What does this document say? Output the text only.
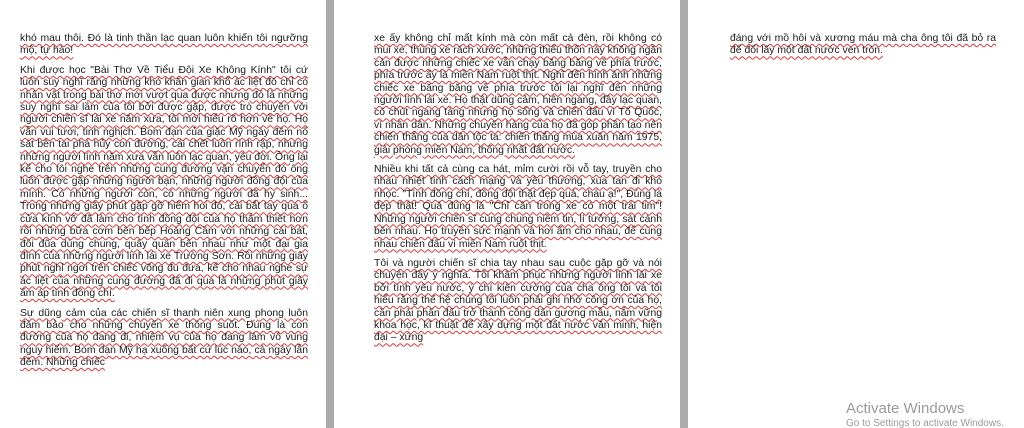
khó mau thôi. Đó là tinh thần lạc quan luôn khiến tôi ngưỡng mộ, tự hào!

Khi được học "Bài Thơ Về Tiểu Đội Xe Không Kính" tôi cứ luôn suy nghĩ rằng những khó khăn gian khổ ác liệt đó chỉ có nhân vật trong bài thơ mới vượt qua được nhưng đó là những suy nghĩ sai lầm của tôi bởi được gặp, được trò chuyện với người chiến sĩ lái xe năm xưa, tôi mới hiểu rõ hơn về họ. Họ vẫn vui tươi, tinh nghịch. Bom đạn của giặc Mỹ ngày đêm nổ sát bên tai phá hủy con đường, cái chết luôn rình rập, nhưng những người lính năm xưa vẫn luôn lạc quan, yêu đời. Ông lại kể cho tôi nghe trên những cung đường vận chuyển đó ông luôn được gặp những người bạn, những người đồng đội của mình. Có những người còn, có những người đã hy sinh... Trong những giây phút gặp gỡ hiếm hoi đó, cái bắt tay qua ô cửa kính vỡ đã làm cho tình đồng đội của họ thắm thiết hơn rồi những bữa cơm bên bếp Hoàng Cầm với những cái bát, đôi đũa dùng chung, quây quần bên nhau như một đại gia đình của những người lính lái xe Trường Sơn. Rồi những giây phút nghỉ ngơi trên chiếc võng đu đưa, kể cho nhau nghe sự ác liệt của những cung đường đã đi qua là những phút giây ấm áp tình đồng chí.

Sự dũng cảm của các chiến sĩ thanh niên xung phong luôn đảm bảo cho những chuyến xe thông suốt. Đúng là con đường của họ đang đi, nhiệm vụ của họ đang làm vô vùng nguy hiểm. Bom đạn Mỹ hạ xuống bất cứ lúc nào, cả ngày lẫn đêm. Những chiếc

xe ấy không chỉ mất kính mà còn mất cả đèn, rồi không có mui xe, thùng xe rách xước, những thiếu thốn này không ngăn cản được những chiếc xe vẫn chạy băng băng về phía trước, phía trước ấy là miền Nam ruột thịt. Nghĩ đến hình ảnh những chiếc xe băng băng về phía trước tôi lại nghĩ đến những người lính lái xe. Họ thật dũng cảm, hiên ngang, đầy lạc quan, có chút ngang tàng nhưng họ sống và chiến đấu vì Tổ Quốc, vì nhân dân. Những chuyến hàng của họ đã góp phần tạo nên chiến thắng của dân tộc ta: chiến thắng mùa xuân năm 1975, giải phóng miền Nam, thống nhất đất nước.

Nhiều khi tất cả cùng ca hát, mỉm cười rồi vỗ tay, truyền cho nhau nhiệt tình cách mạng và yêu thương, xua tan đi khó nhọc. "Tình đồng chí, đồng đội thật đẹp quá, cháu ạ!", Đúng là đẹp thật! Quả đúng là "Chỉ cần trong xe có một trái tim"! Những người chiến sĩ cùng chung niềm tin, lí tưởng, sát cánh bên nhau. Họ truyền sức mạnh và hơi ấm cho nhau, để cùng nhau chiến đấu vì miền Nam ruột thịt.

Tôi và người chiến sĩ chia tay nhau sau cuộc gặp gỡ và nói chuyện đầy ý nghĩa. Tôi khâm phục những người lính lái xe bởi tình yêu nước, ý chí kiên cường của cha ông tôi và tôi hiểu rằng thế hệ chúng tôi luôn phải ghi nhớ công ơn của họ, cần phải phấn đấu trở thành công dân gương mẫu, nắm vững khoa học, kĩ thuật để xây dựng một đất nước văn minh, hiện đại – xứng

đáng với mồ hôi và xương máu mà cha ông tôi đã bỏ ra để đổi lấy một đất nước ven tròn.

Activate Windows
Go to Settings to activate Windows.
